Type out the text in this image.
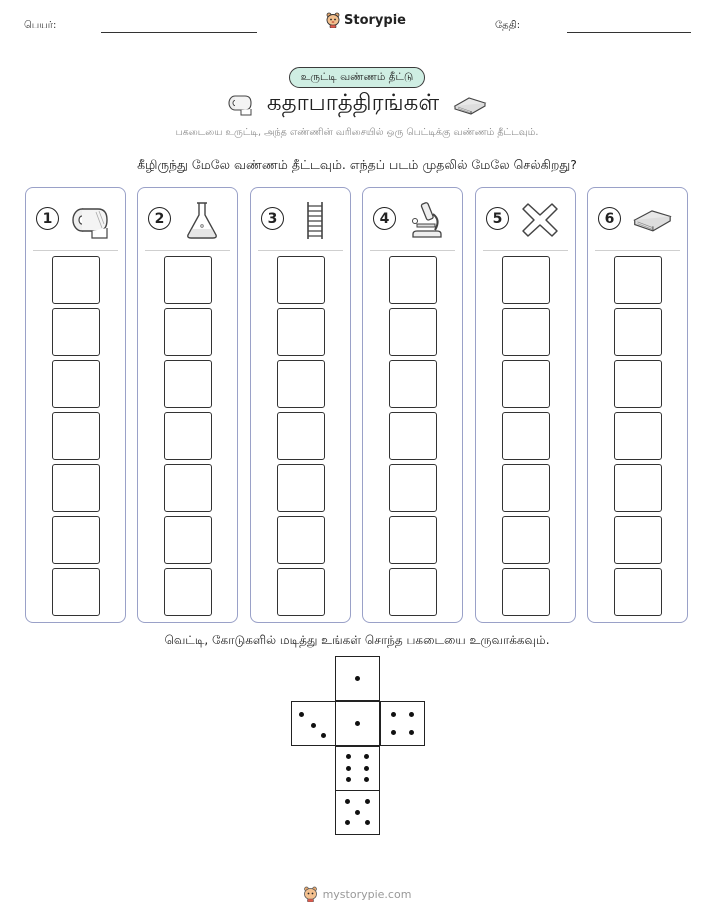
பெயர்:	Storypie	தேதி:
உருட்டி வண்ணம் தீட்டு
கதாபாத்திரங்கள்
பகடையை உருட்டி, அந்த எண்ணின் வரிசையில் ஒரு பெட்டிக்கு வண்ணம் தீட்டவும்.
கீழிருந்து மேலே வண்ணம் தீட்டவும். எந்தப் படம் முதலில் மேலே செல்கிறது?
1	2	3	4	5	6
வெட்டி, கோடுகளில் மடித்து உங்கள் சொந்த பகடையை உருவாக்கவும்.
mystorypie.com
